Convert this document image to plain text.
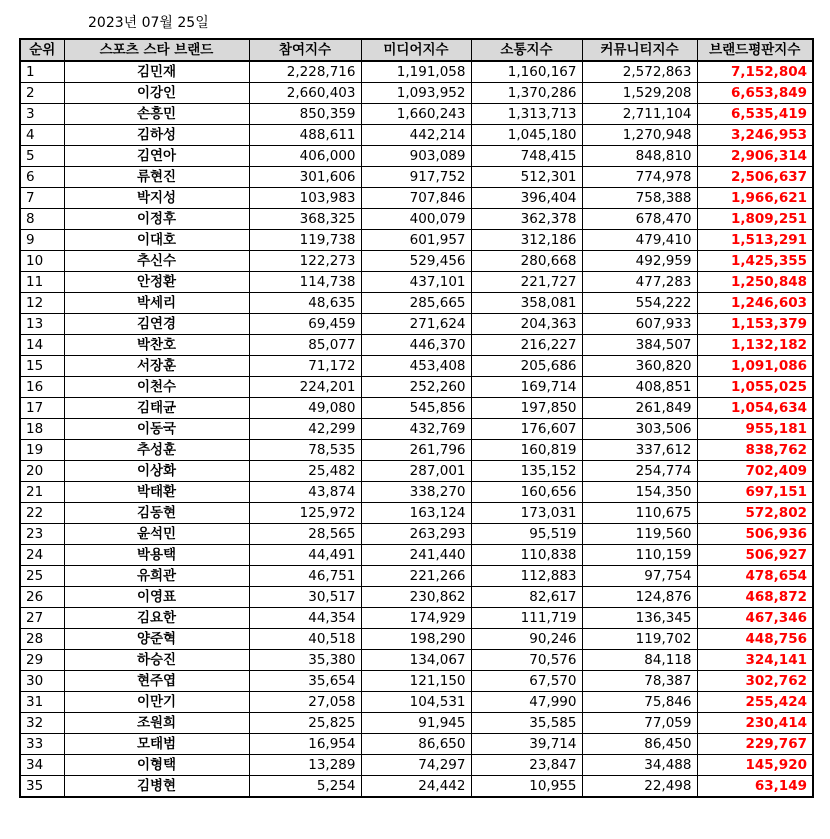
2023년 07월 25일
순위	스포츠 스타 브랜드	참여지수	미디어지수	소통지수	커뮤니티지수	브랜드평판지수
1	김민재	2,228,716	1,191,058	1,160,167	2,572,863	7,152,804
2	이강인	2,660,403	1,093,952	1,370,286	1,529,208	6,653,849
3	손흥민	850,359	1,660,243	1,313,713	2,711,104	6,535,419
4	김하성	488,611	442,214	1,045,180	1,270,948	3,246,953
5	김연아	406,000	903,089	748,415	848,810	2,906,314
6	류현진	301,606	917,752	512,301	774,978	2,506,637
7	박지성	103,983	707,846	396,404	758,388	1,966,621
8	이정후	368,325	400,079	362,378	678,470	1,809,251
9	이대호	119,738	601,957	312,186	479,410	1,513,291
10	추신수	122,273	529,456	280,668	492,959	1,425,355
11	안정환	114,738	437,101	221,727	477,283	1,250,848
12	박세리	48,635	285,665	358,081	554,222	1,246,603
13	김연경	69,459	271,624	204,363	607,933	1,153,379
14	박찬호	85,077	446,370	216,227	384,507	1,132,182
15	서장훈	71,172	453,408	205,686	360,820	1,091,086
16	이천수	224,201	252,260	169,714	408,851	1,055,025
17	김태균	49,080	545,856	197,850	261,849	1,054,634
18	이동국	42,299	432,769	176,607	303,506	955,181
19	추성훈	78,535	261,796	160,819	337,612	838,762
20	이상화	25,482	287,001	135,152	254,774	702,409
21	박태환	43,874	338,270	160,656	154,350	697,151
22	김동현	125,972	163,124	173,031	110,675	572,802
23	윤석민	28,565	263,293	95,519	119,560	506,936
24	박용택	44,491	241,440	110,838	110,159	506,927
25	유희관	46,751	221,266	112,883	97,754	478,654
26	이영표	30,517	230,862	82,617	124,876	468,872
27	김요한	44,354	174,929	111,719	136,345	467,346
28	양준혁	40,518	198,290	90,246	119,702	448,756
29	하승진	35,380	134,067	70,576	84,118	324,141
30	현주엽	35,654	121,150	67,570	78,387	302,762
31	이만기	27,058	104,531	47,990	75,846	255,424
32	조원희	25,825	91,945	35,585	77,059	230,414
33	모태범	16,954	86,650	39,714	86,450	229,767
34	이형택	13,289	74,297	23,847	34,488	145,920
35	김병현	5,254	24,442	10,955	22,498	63,149
